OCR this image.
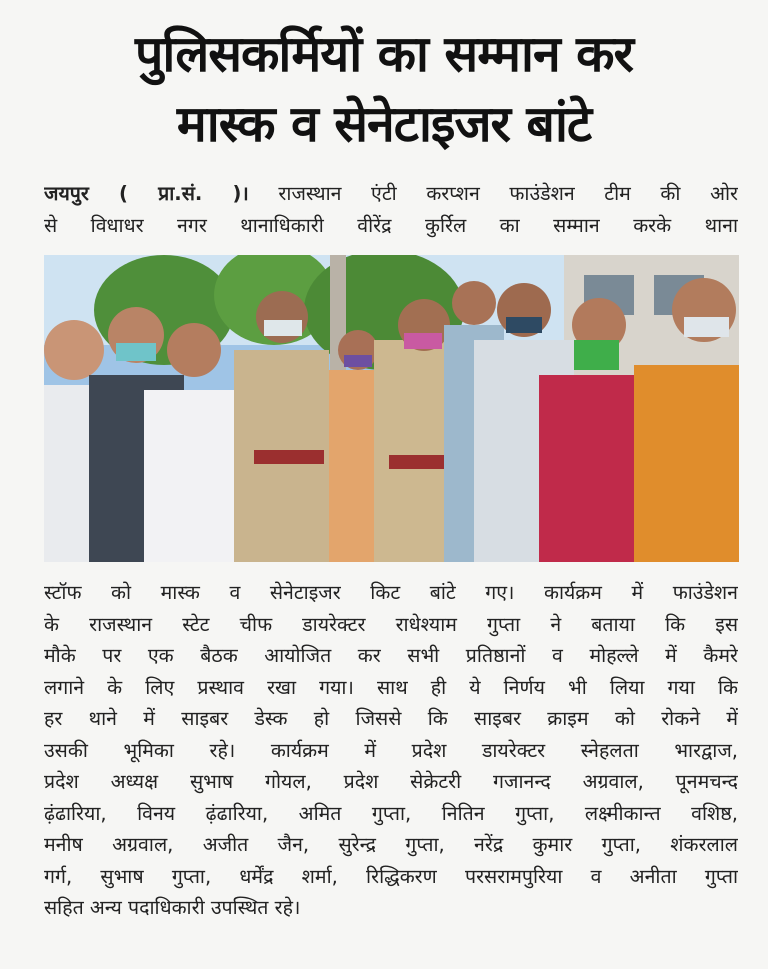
पुलिसकर्मियों का सम्मान कर
मास्क व सेनेटाइजर बांटे
जयपुर ( प्रा.सं. )। राजस्थान एंटी करप्शन फाउंडेशन टीम की ओर
से विधाधर नगर थानाधिकारी वीरेंद्र कुर्रिल का सम्मान करके थाना
स्टॉफ को मास्क व सेनेटाइजर किट बांटे गए। कार्यक्रम में फाउंडेशन
के राजस्थान स्टेट चीफ डायरेक्टर राधेश्याम गुप्ता ने बताया कि इस
मौके पर एक बैठक आयोजित कर सभी प्रतिष्ठानों व मोहल्ले में कैमरे
लगाने के लिए प्रस्थाव रखा गया। साथ ही ये निर्णय भी लिया गया कि
हर थाने में साइबर डेस्क हो जिससे कि साइबर क्राइम को रोकने में
उसकी भूमिका रहे। कार्यक्रम में प्रदेश डायरेक्टर स्नेहलता भारद्वाज,
प्रदेश अध्यक्ष सुभाष गोयल, प्रदेश सेक्रेटरी गजानन्द अग्रवाल, पूनमचन्द
ढ़ंढारिया, विनय ढ़ंढारिया, अमित गुप्ता, नितिन गुप्ता, लक्ष्मीकान्त वशिष्ठ,
मनीष अग्रवाल, अजीत जैन, सुरेन्द्र गुप्ता, नरेंद्र कुमार गुप्ता, शंकरलाल
गर्ग, सुभाष गुप्ता, धर्मेंद्र शर्मा, रिद्धिकरण परसरामपुरिया व अनीता गुप्ता
सहित अन्य पदाधिकारी उपस्थित रहे।
